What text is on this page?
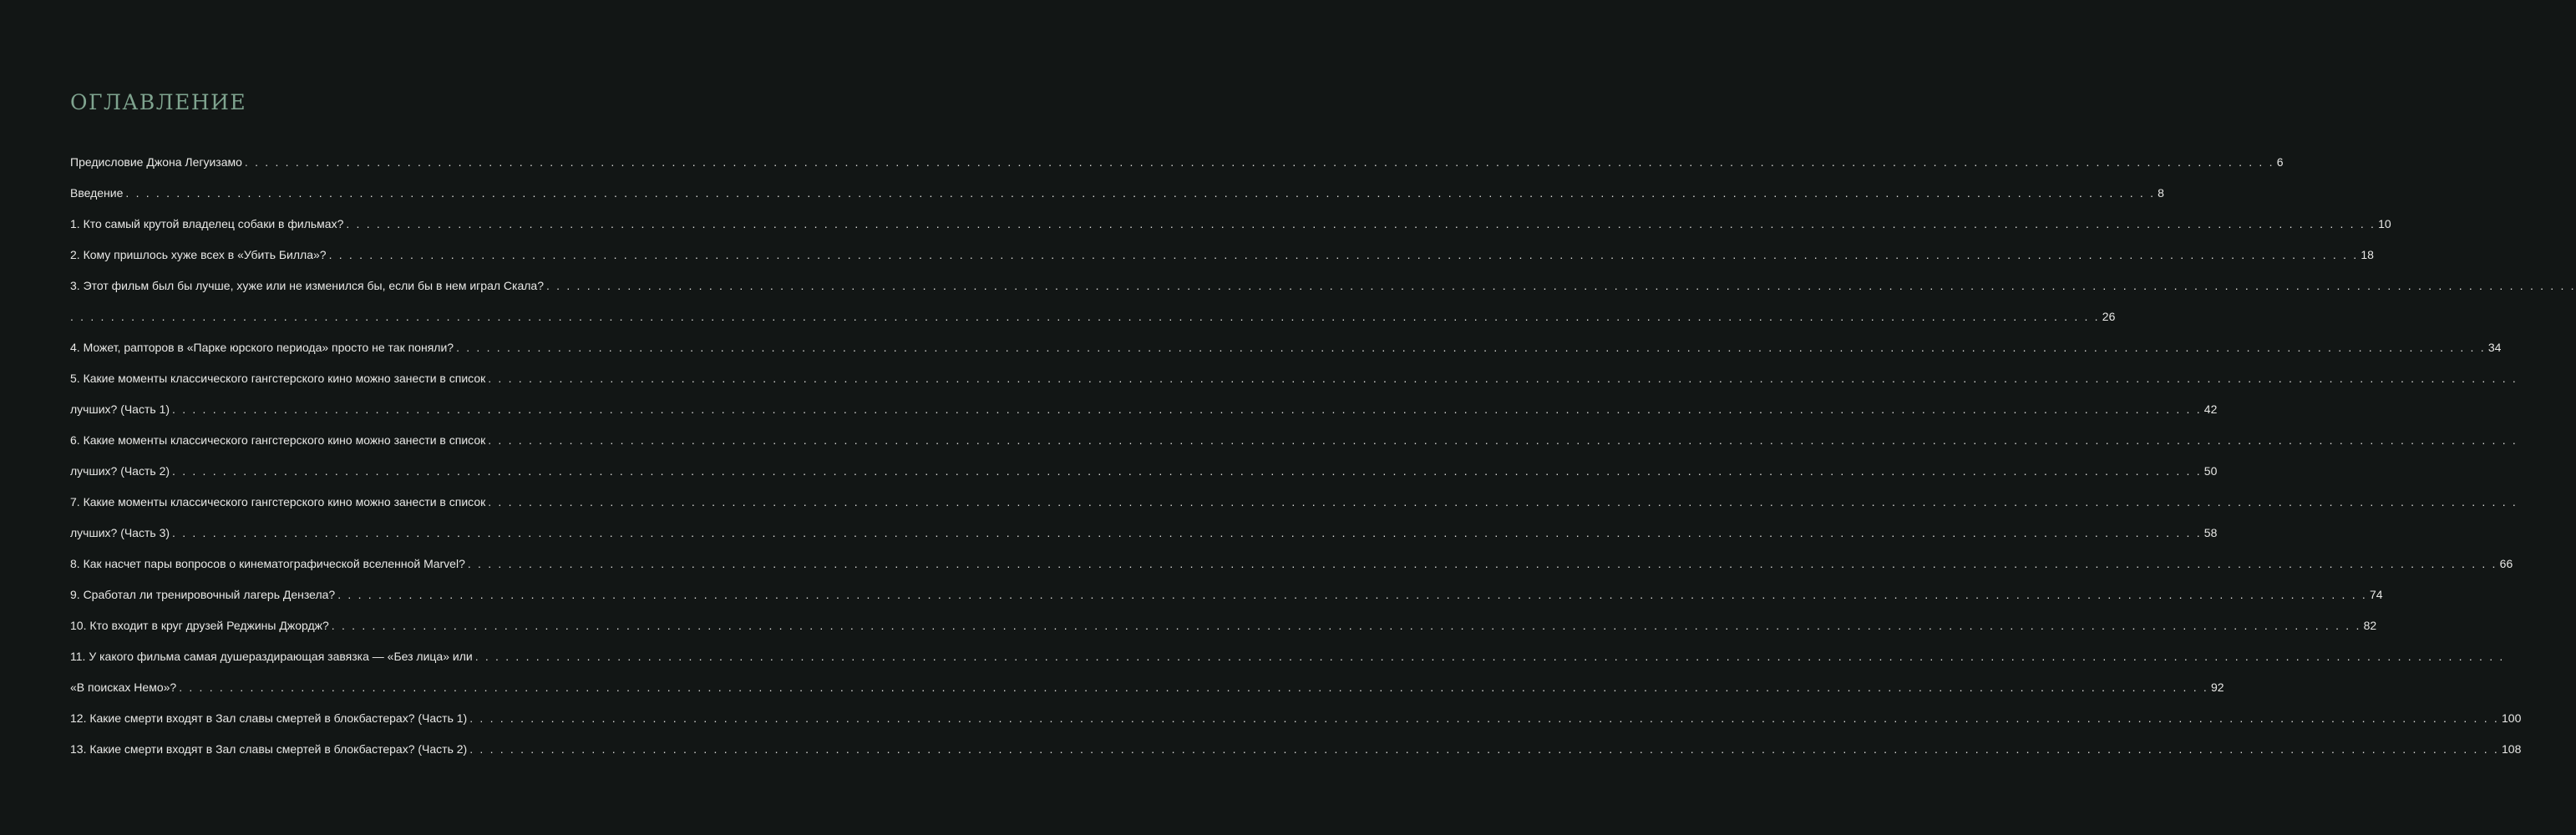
ОГЛАВЛЕНИЕ
Предисловие Джона Легуизамо . . . . . . . . . . . . . . . . . . . . . . . . . . . . . . . . . . . . . . . . . . . . . . . . . . . . . . . . . . . . . . . . . . . . . . . . . . . . . . . . . . . . . . . . . . . . . . . . . . . . . . . . . . . . . . . . . . . . . . . . . . . . . . . . . . . . . . . . . . . . . . . . . . . . . . . . . . . . . . . . . . . . . . . . . . . . . . . . . . . . . . . . . . . . . . . . . . . . . . . . 6
Введение . . . . . . . . . . . . . . . . . . . . . . . . . . . . . . . . . . . . . . . . . . . . . . . . . . . . . . . . . . . . . . . . . . . . . . . . . . . . . . . . . . . . . . . . . . . . . . . . . . . . . . . . . . . . . . . . . . . . . . . . . . . . . . . . . . . . . . . . . . . . . . . . . . . . . . . . . . . . . . . . . . . . . . . . . . . . . . . . . . . . . . . . . . . . . . . . . . . . . . . . 8
1. Кто самый крутой владелец собаки в фильмах? . . . . . . . . . . . . . . . . . . . . . . . . . . . . . . . . . . . . . . . . . . . . . . . . . . . . . . . . . . . . . . . . . . . . . . . . . . . . . . . . . . . . . . . . . . . . . . . . . . . . . . . . . . . . . . . . . . . . . . . . . . . . . . . . . . . . . . . . . . . . . . . . . . . . . . . . . . . . . . . . . . . . . . . . . . . . . . . . . . . . . . . . . . . . . . . . . . . . . . . . 10
2. Кому пришлось хуже всех в «Убить Билла»? . . . . . . . . . . . . . . . . . . . . . . . . . . . . . . . . . . . . . . . . . . . . . . . . . . . . . . . . . . . . . . . . . . . . . . . . . . . . . . . . . . . . . . . . . . . . . . . . . . . . . . . . . . . . . . . . . . . . . . . . . . . . . . . . . . . . . . . . . . . . . . . . . . . . . . . . . . . . . . . . . . . . . . . . . . . . . . . . . . . . . . . . . . . . . . . . . . . . . . . . 18
3. Этот фильм был бы лучше, хуже или не изменился бы, если бы в нем играл Скала? . . . . . . . . . . . . . . . . . . . . . . . . . . . . . . . . . . . . . . . . . . . . . . . . . . . . . . . . . . . . . . . . . . . . . . . . . . . . . . . . . . . . . . . . . . . . . . . . . . . . . . . . . . . . . . . . . . . . . . . . . . . . . . . . . . . . . . . . . . . . . . . . . . . . . . . . . . . . . . . . . . . . . . . . . . . . . . . . . . . . . . . . . . . . . . . . . . . . . . . .
. . . . . . . . . . . . . . . . . . . . . . . . . . . . . . . . . . . . . . . . . . . . . . . . . . . . . . . . . . . . . . . . . . . . . . . . . . . . . . . . . . . . . . . . . . . . . . . . . . . . . . . . . . . . . . . . . . . . . . . . . . . . . . . . . . . . . . . . . . . . . . . . . . . . . . . . . . . . . . . . . . . . . . . . . . . . . . . . . . . . . . . . . . . . . . . . . . . . . . . . 26
4. Может, рапторов в «Парке юрского периода» просто не так поняли? . . . . . . . . . . . . . . . . . . . . . . . . . . . . . . . . . . . . . . . . . . . . . . . . . . . . . . . . . . . . . . . . . . . . . . . . . . . . . . . . . . . . . . . . . . . . . . . . . . . . . . . . . . . . . . . . . . . . . . . . . . . . . . . . . . . . . . . . . . . . . . . . . . . . . . . . . . . . . . . . . . . . . . . . . . . . . . . . . . . . . . . . . . . . . . . . . . . . . . . . 34
5. Какие моменты классического гангстерского кино можно занести в список . . . . . . . . . . . . . . . . . . . . . . . . . . . . . . . . . . . . . . . . . . . . . . . . . . . . . . . . . . . . . . . . . . . . . . . . . . . . . . . . . . . . . . . . . . . . . . . . . . . . . . . . . . . . . . . . . . . . . . . . . . . . . . . . . . . . . . . . . . . . . . . . . . . . . . . . . . . . . . . . . . . . . . . . . . . . . . . . . . . . . . . . . . . . . . . . . . . . . . . .
лучших? (Часть 1) . . . . . . . . . . . . . . . . . . . . . . . . . . . . . . . . . . . . . . . . . . . . . . . . . . . . . . . . . . . . . . . . . . . . . . . . . . . . . . . . . . . . . . . . . . . . . . . . . . . . . . . . . . . . . . . . . . . . . . . . . . . . . . . . . . . . . . . . . . . . . . . . . . . . . . . . . . . . . . . . . . . . . . . . . . . . . . . . . . . . . . . . . . . . . . . . . . . . . . . . 42
6. Какие моменты классического гангстерского кино можно занести в список . . . . . . . . . . . . . . . . . . . . . . . . . . . . . . . . . . . . . . . . . . . . . . . . . . . . . . . . . . . . . . . . . . . . . . . . . . . . . . . . . . . . . . . . . . . . . . . . . . . . . . . . . . . . . . . . . . . . . . . . . . . . . . . . . . . . . . . . . . . . . . . . . . . . . . . . . . . . . . . . . . . . . . . . . . . . . . . . . . . . . . . . . . . . . . . . . . . . . . . .
лучших? (Часть 2) . . . . . . . . . . . . . . . . . . . . . . . . . . . . . . . . . . . . . . . . . . . . . . . . . . . . . . . . . . . . . . . . . . . . . . . . . . . . . . . . . . . . . . . . . . . . . . . . . . . . . . . . . . . . . . . . . . . . . . . . . . . . . . . . . . . . . . . . . . . . . . . . . . . . . . . . . . . . . . . . . . . . . . . . . . . . . . . . . . . . . . . . . . . . . . . . . . . . . . . . 50
7. Какие моменты классического гангстерского кино можно занести в список . . . . . . . . . . . . . . . . . . . . . . . . . . . . . . . . . . . . . . . . . . . . . . . . . . . . . . . . . . . . . . . . . . . . . . . . . . . . . . . . . . . . . . . . . . . . . . . . . . . . . . . . . . . . . . . . . . . . . . . . . . . . . . . . . . . . . . . . . . . . . . . . . . . . . . . . . . . . . . . . . . . . . . . . . . . . . . . . . . . . . . . . . . . . . . . . . . . . . . . .
лучших? (Часть 3) . . . . . . . . . . . . . . . . . . . . . . . . . . . . . . . . . . . . . . . . . . . . . . . . . . . . . . . . . . . . . . . . . . . . . . . . . . . . . . . . . . . . . . . . . . . . . . . . . . . . . . . . . . . . . . . . . . . . . . . . . . . . . . . . . . . . . . . . . . . . . . . . . . . . . . . . . . . . . . . . . . . . . . . . . . . . . . . . . . . . . . . . . . . . . . . . . . . . . . . . 58
8. Как насчет пары вопросов о кинематографической вселенной Marvel? . . . . . . . . . . . . . . . . . . . . . . . . . . . . . . . . . . . . . . . . . . . . . . . . . . . . . . . . . . . . . . . . . . . . . . . . . . . . . . . . . . . . . . . . . . . . . . . . . . . . . . . . . . . . . . . . . . . . . . . . . . . . . . . . . . . . . . . . . . . . . . . . . . . . . . . . . . . . . . . . . . . . . . . . . . . . . . . . . . . . . . . . . . . . . . . . . . . . . . . . 66
9. Сработал ли тренировочный лагерь Дензела? . . . . . . . . . . . . . . . . . . . . . . . . . . . . . . . . . . . . . . . . . . . . . . . . . . . . . . . . . . . . . . . . . . . . . . . . . . . . . . . . . . . . . . . . . . . . . . . . . . . . . . . . . . . . . . . . . . . . . . . . . . . . . . . . . . . . . . . . . . . . . . . . . . . . . . . . . . . . . . . . . . . . . . . . . . . . . . . . . . . . . . . . . . . . . . . . . . . . . . . . 74
10. Кто входит в круг друзей Реджины Джордж? . . . . . . . . . . . . . . . . . . . . . . . . . . . . . . . . . . . . . . . . . . . . . . . . . . . . . . . . . . . . . . . . . . . . . . . . . . . . . . . . . . . . . . . . . . . . . . . . . . . . . . . . . . . . . . . . . . . . . . . . . . . . . . . . . . . . . . . . . . . . . . . . . . . . . . . . . . . . . . . . . . . . . . . . . . . . . . . . . . . . . . . . . . . . . . . . . . . . . . . . 82
11. У какого фильма самая душераздирающая завязка — «Без лица» или . . . . . . . . . . . . . . . . . . . . . . . . . . . . . . . . . . . . . . . . . . . . . . . . . . . . . . . . . . . . . . . . . . . . . . . . . . . . . . . . . . . . . . . . . . . . . . . . . . . . . . . . . . . . . . . . . . . . . . . . . . . . . . . . . . . . . . . . . . . . . . . . . . . . . . . . . . . . . . . . . . . . . . . . . . . . . . . . . . . . . . . . . . . . . . . . . . . . . . . .
«В поисках Немо»? . . . . . . . . . . . . . . . . . . . . . . . . . . . . . . . . . . . . . . . . . . . . . . . . . . . . . . . . . . . . . . . . . . . . . . . . . . . . . . . . . . . . . . . . . . . . . . . . . . . . . . . . . . . . . . . . . . . . . . . . . . . . . . . . . . . . . . . . . . . . . . . . . . . . . . . . . . . . . . . . . . . . . . . . . . . . . . . . . . . . . . . . . . . . . . . . . . . . . . . . 92
12. Какие смерти входят в Зал славы смертей в блокбастерах? (Часть 1) . . . . . . . . . . . . . . . . . . . . . . . . . . . . . . . . . . . . . . . . . . . . . . . . . . . . . . . . . . . . . . . . . . . . . . . . . . . . . . . . . . . . . . . . . . . . . . . . . . . . . . . . . . . . . . . . . . . . . . . . . . . . . . . . . . . . . . . . . . . . . . . . . . . . . . . . . . . . . . . . . . . . . . . . . . . . . . . . . . . . . . . . . . . . . . . . . . . . . . . . 100
13. Какие смерти входят в Зал славы смертей в блокбастерах? (Часть 2) . . . . . . . . . . . . . . . . . . . . . . . . . . . . . . . . . . . . . . . . . . . . . . . . . . . . . . . . . . . . . . . . . . . . . . . . . . . . . . . . . . . . . . . . . . . . . . . . . . . . . . . . . . . . . . . . . . . . . . . . . . . . . . . . . . . . . . . . . . . . . . . . . . . . . . . . . . . . . . . . . . . . . . . . . . . . . . . . . . . . . . . . . . . . . . . . . . . . . . . . 108
